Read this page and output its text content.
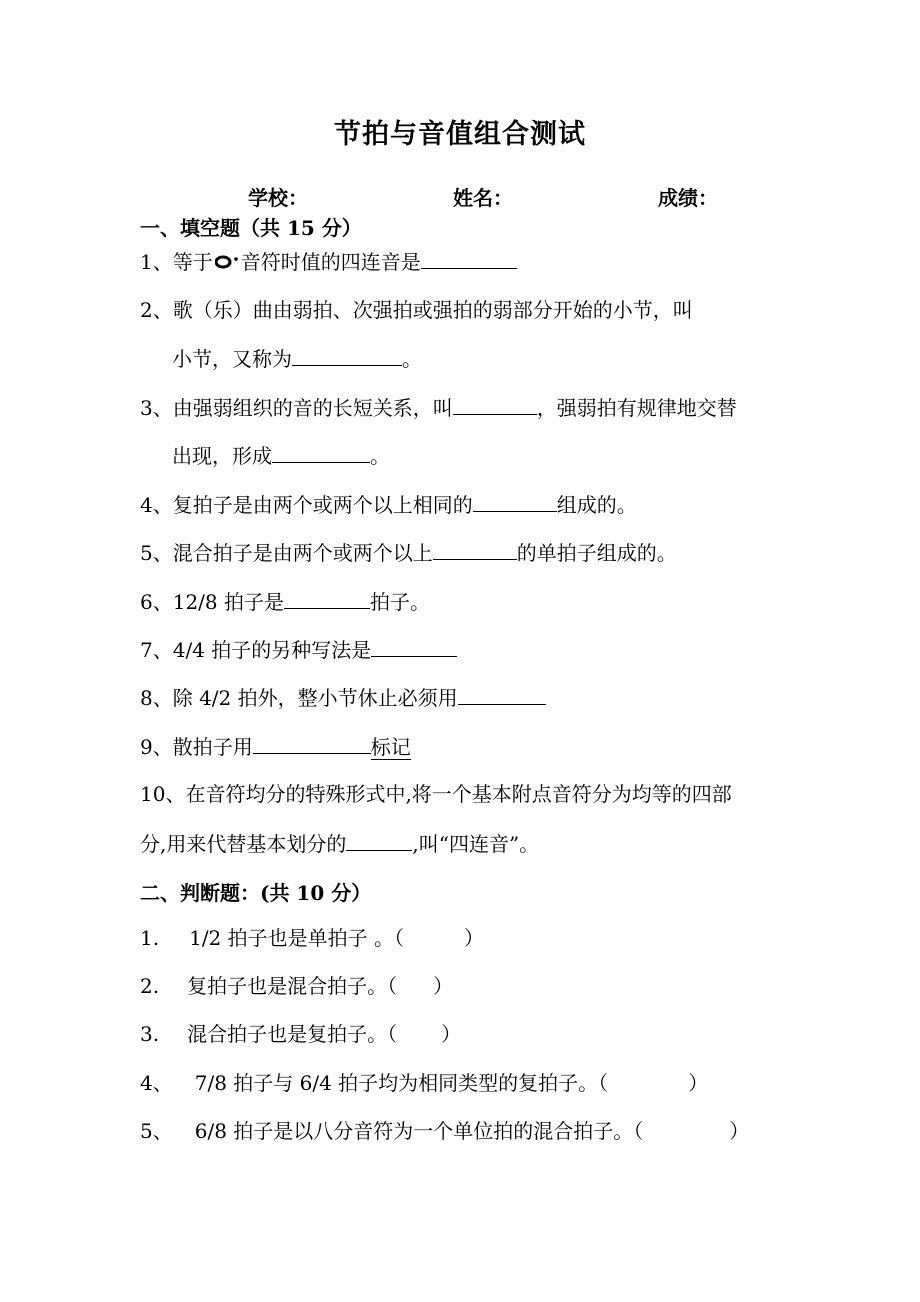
节拍与音值组合测试
学校：	姓名：	成绩：
一、填空题（共 15 分）
1、等于 音符时值的四连音是
2、歌（乐）曲由弱拍、次强拍或强拍的弱部分开始的小节，叫
小节，又称为	。
3、由强弱组织的音的长短关系，叫	，强弱拍有规律地交替
出现，形成	。
4、复拍子是由两个或两个以上相同的	组成的。
5、混合拍子是由两个或两个以上	的单拍子组成的。
6、12/8 拍子是	拍子。
7、4/4 拍子的另种写法是
8、除 4/2 拍外，整小节休止必须用
9、散拍子用	标记
10、在音符均分的特殊形式中,将一个基本附点音符分为均等的四部
分,用来代替基本划分的	,叫“四连音”。
二、判断题：(共 10 分）
1. 1/2 拍子也是单拍子 。（	）
2. 复拍子也是混合拍子。（ ）
3. 混合拍子也是复拍子。（ ）
4、 7/8 拍子与 6/4 拍子均为相同类型的复拍子。（	）
5、 6/8 拍子是以八分音符为一个单位拍的混合拍子。（	）
